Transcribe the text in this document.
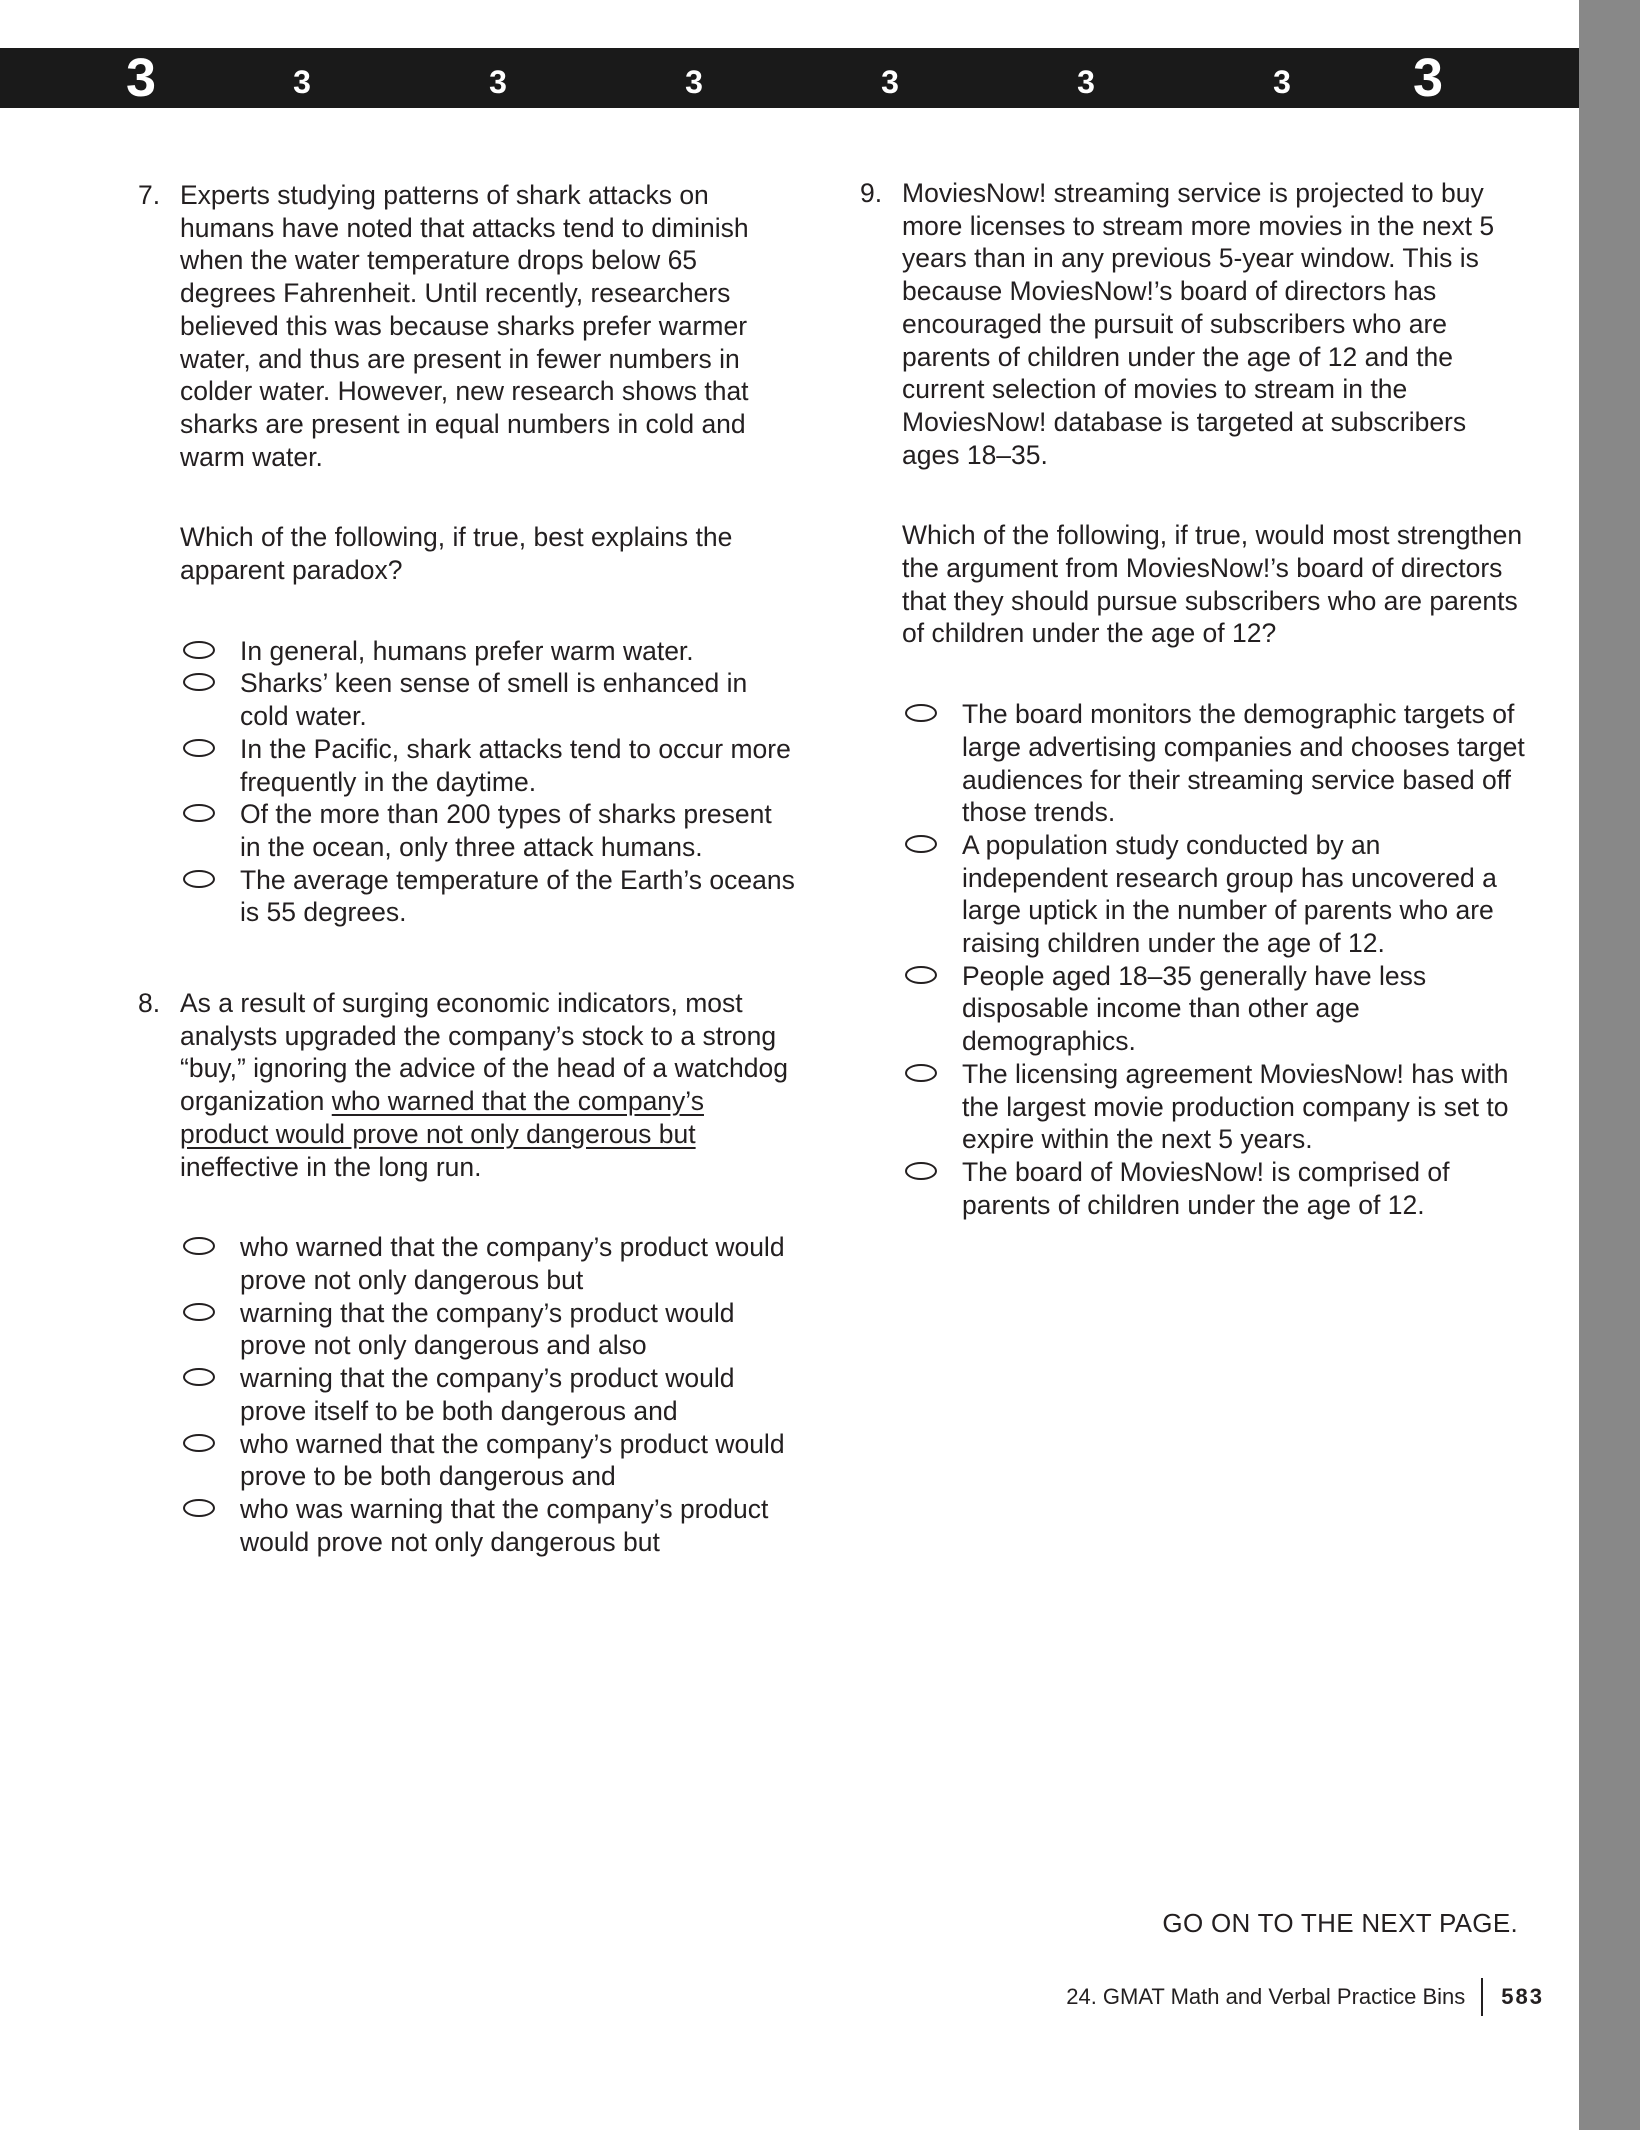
3	3	3	3	3	3	3	3
7. Experts studying patterns of shark attacks on humans have noted that attacks tend to diminish when the water temperature drops below 65 degrees Fahrenheit. Until recently, researchers believed this was because sharks prefer warmer water, and thus are present in fewer numbers in colder water. However, new research shows that sharks are present in equal numbers in cold and warm water.

Which of the following, if true, best explains the apparent paradox?

In general, humans prefer warm water.
Sharks’ keen sense of smell is enhanced in cold water.
In the Pacific, shark attacks tend to occur more frequently in the daytime.
Of the more than 200 types of sharks present in the ocean, only three attack humans.
The average temperature of the Earth’s oceans is 55 degrees.
8. As a result of surging economic indicators, most analysts upgraded the company’s stock to a strong “buy,” ignoring the advice of the head of a watchdog organization who warned that the company’s product would prove not only dangerous but ineffective in the long run.

who warned that the company’s product would prove not only dangerous but
warning that the company’s product would prove not only dangerous and also
warning that the company’s product would prove itself to be both dangerous and
who warned that the company’s product would prove to be both dangerous and
who was warning that the company’s product would prove not only dangerous but
9. MoviesNow! streaming service is projected to buy more licenses to stream more movies in the next 5 years than in any previous 5-year window. This is because MoviesNow!’s board of directors has encouraged the pursuit of subscribers who are parents of children under the age of 12 and the current selection of movies to stream in the MoviesNow! database is targeted at subscribers ages 18–35.

Which of the following, if true, would most strengthen the argument from MoviesNow!’s board of directors that they should pursue subscribers who are parents of children under the age of 12?

The board monitors the demographic targets of large advertising companies and chooses target audiences for their streaming service based off those trends.
A population study conducted by an independent research group has uncovered a large uptick in the number of parents who are raising children under the age of 12.
People aged 18–35 generally have less disposable income than other age demographics.
The licensing agreement MoviesNow! has with the largest movie production company is set to expire within the next 5 years.
The board of MoviesNow! is comprised of parents of children under the age of 12.
GO ON TO THE NEXT PAGE.
24. GMAT Math and Verbal Practice Bins 583
